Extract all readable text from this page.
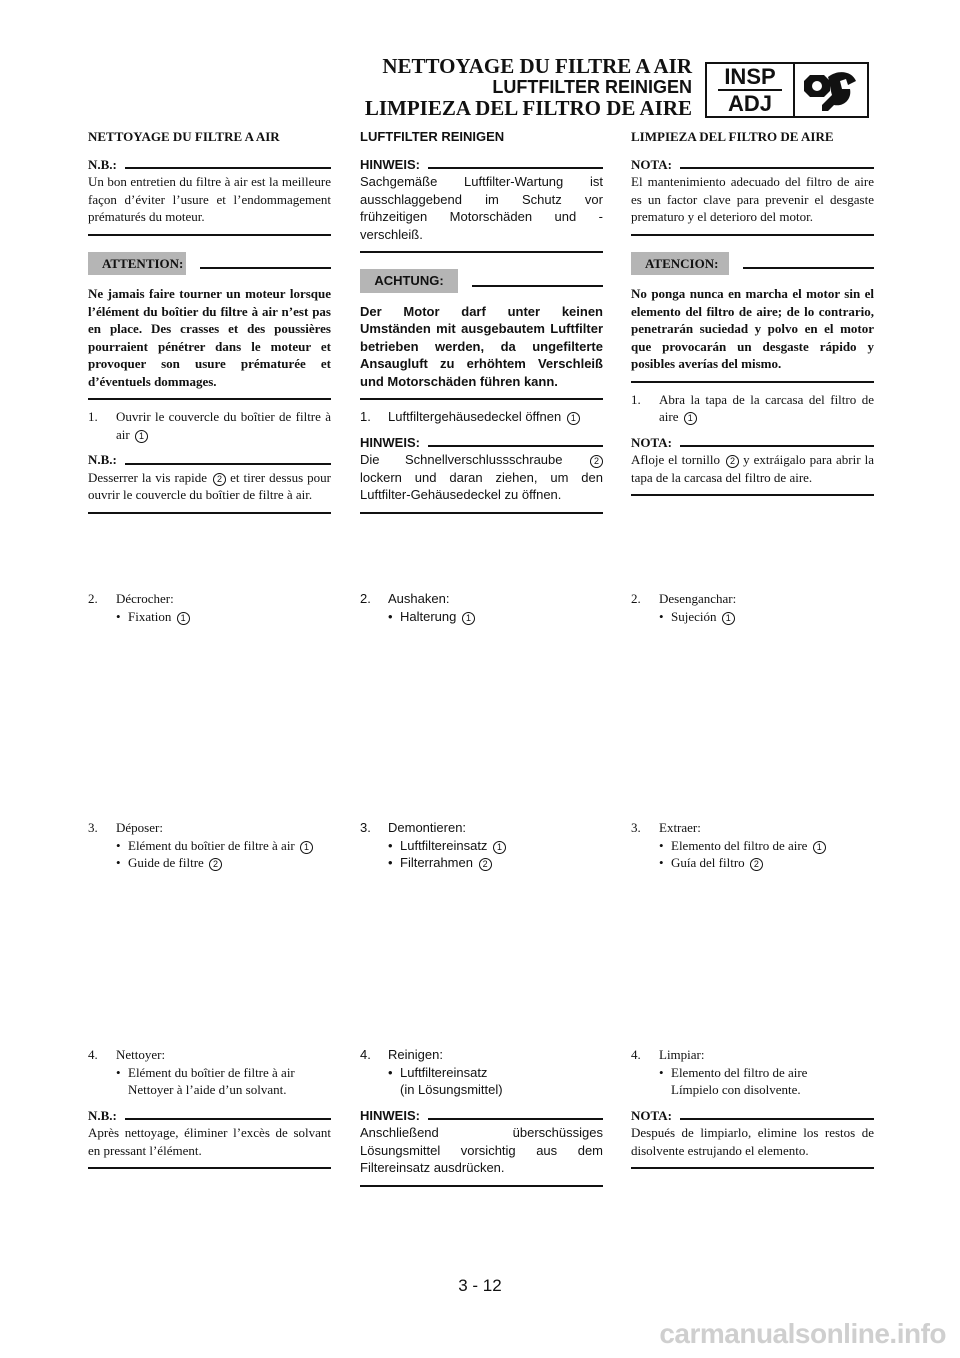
NETTOYAGE DU FILTRE A AIR
LUFTFILTER REINIGEN
LIMPIEZA DEL FILTRO DE AIRE
INSP
ADJ
NETTOYAGE DU FILTRE A AIR
N.B.:
Un bon entretien du filtre à air est la meilleure façon d’éviter l’usure et l’endommagement prématurés du moteur.
ATTENTION:
Ne jamais faire tourner un moteur lorsque l’élément du boîtier du filtre à air n’est pas en place. Des crasses et des poussières pourraient pénétrer dans le moteur et provoquer son usure prématurée et d’éventuels dommages.
1.	Ouvrir le couvercle du boîtier de filtre à air 1
N.B.:
Desserrer la vis rapide 2 et tirer dessus pour ouvrir le couvercle du boîtier de filtre à air.
2.	Décrocher:
• Fixation 1
3.	Déposer:
• Elément du boîtier de filtre à air 1
• Guide de filtre 2
4.	Nettoyer:
• Elément du boîtier de filtre à air
Nettoyer à l’aide d’un solvant.
N.B.:
Après nettoyage, éliminer l’excès de solvant en pressant l’élément.
LUFTFILTER REINIGEN
HINWEIS:
Sachgemäße Luftfilter-Wartung ist ausschlaggebend im Schutz vor frühzeitigen Motorschäden und -verschleiß.
ACHTUNG:
Der Motor darf unter keinen Umständen mit ausgebautem Luftfilter betrieben werden, da ungefilterte Ansaugluft zu erhöhtem Verschleiß und Motorschäden führen kann.
1.	Luftfiltergehäusedeckel öffnen 1
HINWEIS:
Die Schnellverschlussschraube	2 lockern und daran ziehen, um den Luftfilter-Gehäusedeckel zu öffnen.
2.	Aushaken:
• Halterung 1
3.	Demontieren:
• Luftfiltereinsatz 1
• Filterrahmen 2
4.	Reinigen:
• Luftfiltereinsatz
(in Lösungsmittel)
HINWEIS:
Anschließend überschüssiges Lösungsmittel vorsichtig aus dem Filtereinsatz ausdrücken.
LIMPIEZA DEL FILTRO DE AIRE
NOTA:
El mantenimiento adecuado del filtro de aire es un factor clave para prevenir el desgaste prematuro y el deterioro del motor.
ATENCION:
No ponga nunca en marcha el motor sin el elemento del filtro de aire; de lo contrario, penetrarán suciedad y polvo en el motor que provocarán un desgaste rápido y posibles averías del mismo.
1.	Abra la tapa de la carcasa del filtro de aire 1
NOTA:
Afloje el tornillo 2 y extráigalo para abrir la tapa de la carcasa del filtro de aire.
2.	Desenganchar:
• Sujeción 1
3.	Extraer:
• Elemento del filtro de aire 1
• Guía del filtro 2
4.	Limpiar:
• Elemento del filtro de aire
Límpielo con disolvente.
NOTA:
Después de limpiarlo, elimine los restos de disolvente estrujando el elemento.
3 - 12
carmanualsonline.info
